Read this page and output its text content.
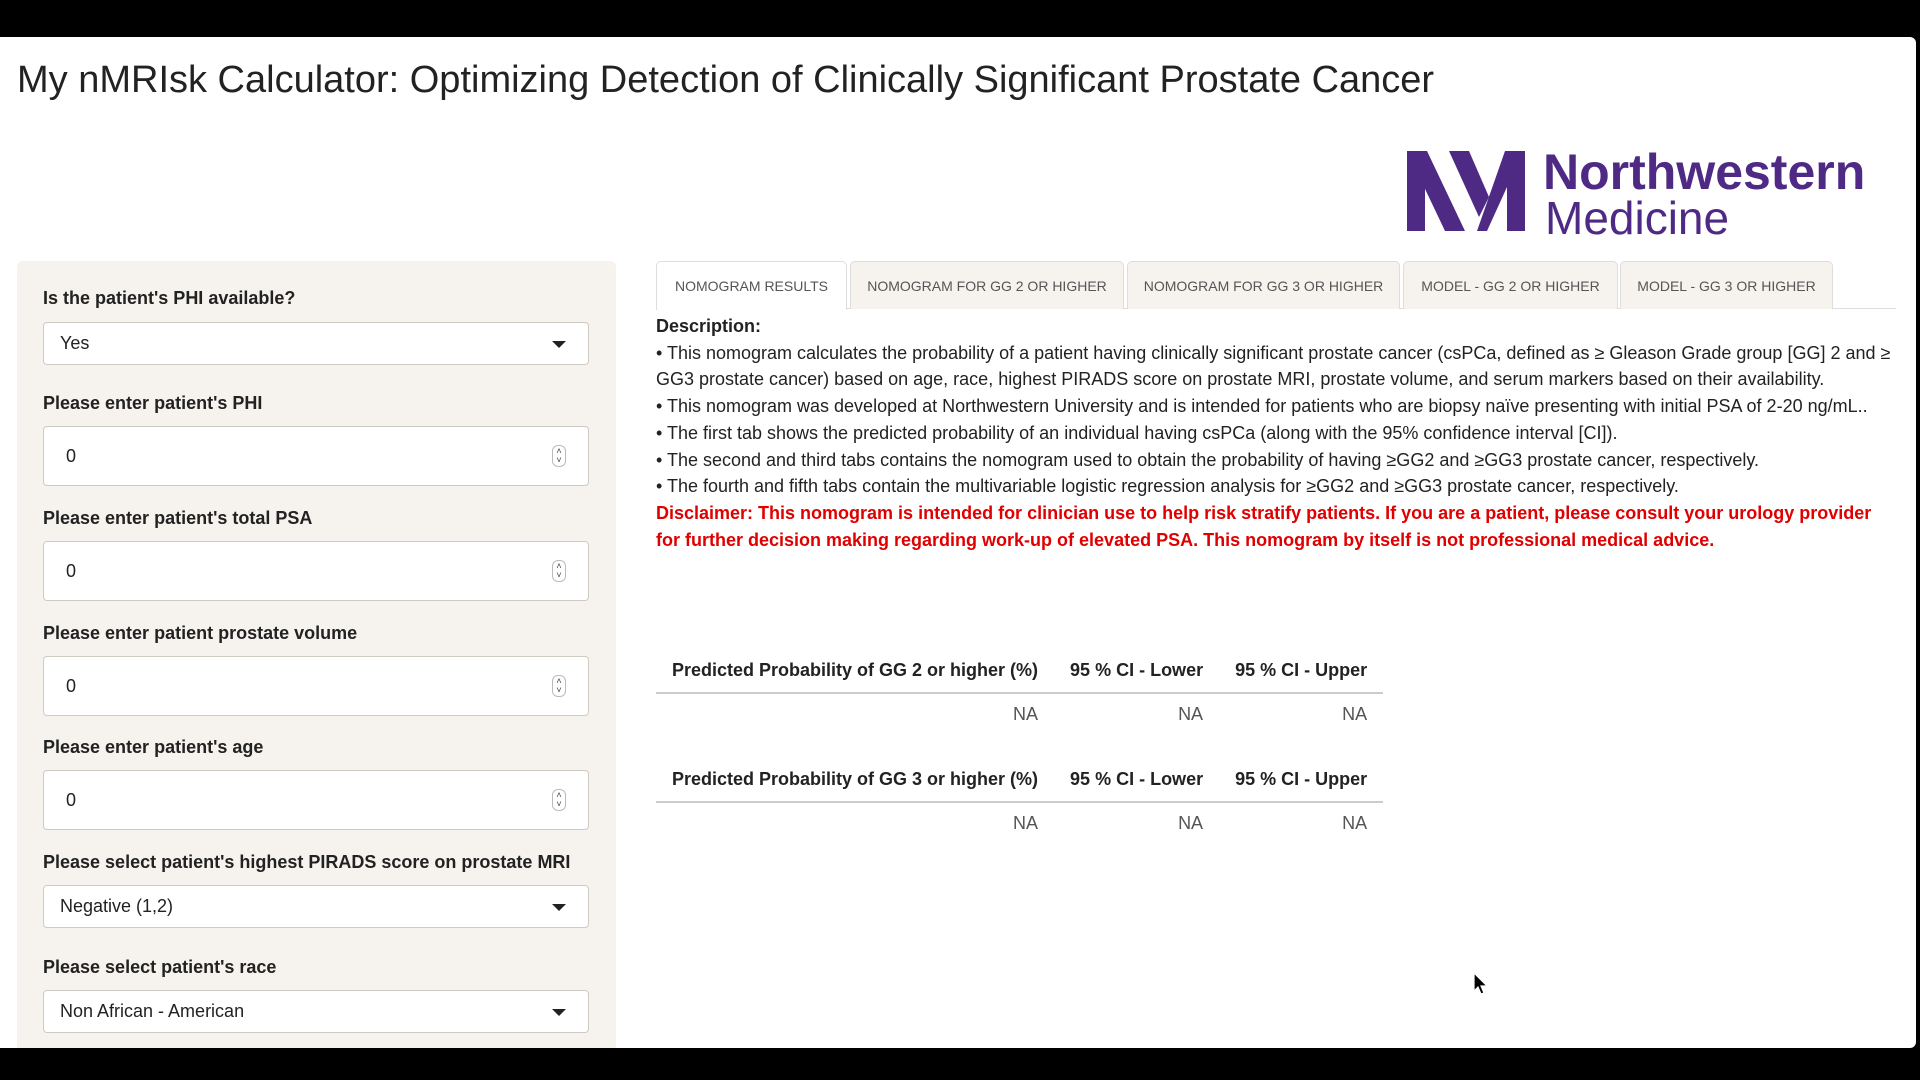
My nMRIsk Calculator: Optimizing Detection of Clinically Significant Prostate Cancer
Northwestern
Medicine
Is the patient's PHI available?
Yes
Please enter patient's PHI
0	˄
˅
Please enter patient's total PSA
0	˄
˅
Please enter patient prostate volume
0	˄
˅
Please enter patient's age
0	˄
˅
Please select patient's highest PIRADS score on prostate MRI
Negative (1,2)
Please select patient's race
Non African - American
NOMOGRAM RESULTS	NOMOGRAM FOR GG 2 OR HIGHER	NOMOGRAM FOR GG 3 OR HIGHER	MODEL - GG 2 OR HIGHER	MODEL - GG 3 OR HIGHER
Description:
• This nomogram calculates the probability of a patient having clinically significant prostate cancer (csPCa, defined as ≥ Gleason Grade group [GG] 2 and ≥ GG3 prostate cancer) based on age, race, highest PIRADS score on prostate MRI, prostate volume, and serum markers based on their availability.
• This nomogram was developed at Northwestern University and is intended for patients who are biopsy naïve presenting with initial PSA of 2-20 ng/mL..
• The first tab shows the predicted probability of an individual having csPCa (along with the 95% confidence interval [CI]).
• The second and third tabs contains the nomogram used to obtain the probability of having ≥GG2 and ≥GG3 prostate cancer, respectively.
• The fourth and fifth tabs contain the multivariable logistic regression analysis for ≥GG2 and ≥GG3 prostate cancer, respectively.
Disclaimer: This nomogram is intended for clinician use to help risk stratify patients. If you are a patient, please consult your urology provider for further decision making regarding work-up of elevated PSA. This nomogram by itself is not professional medical advice.
Predicted Probability of GG 2 or higher (%)	95 % CI - Lower	95 % CI - Upper
NA	NA	NA
Predicted Probability of GG 3 or higher (%)	95 % CI - Lower	95 % CI - Upper
NA	NA	NA
